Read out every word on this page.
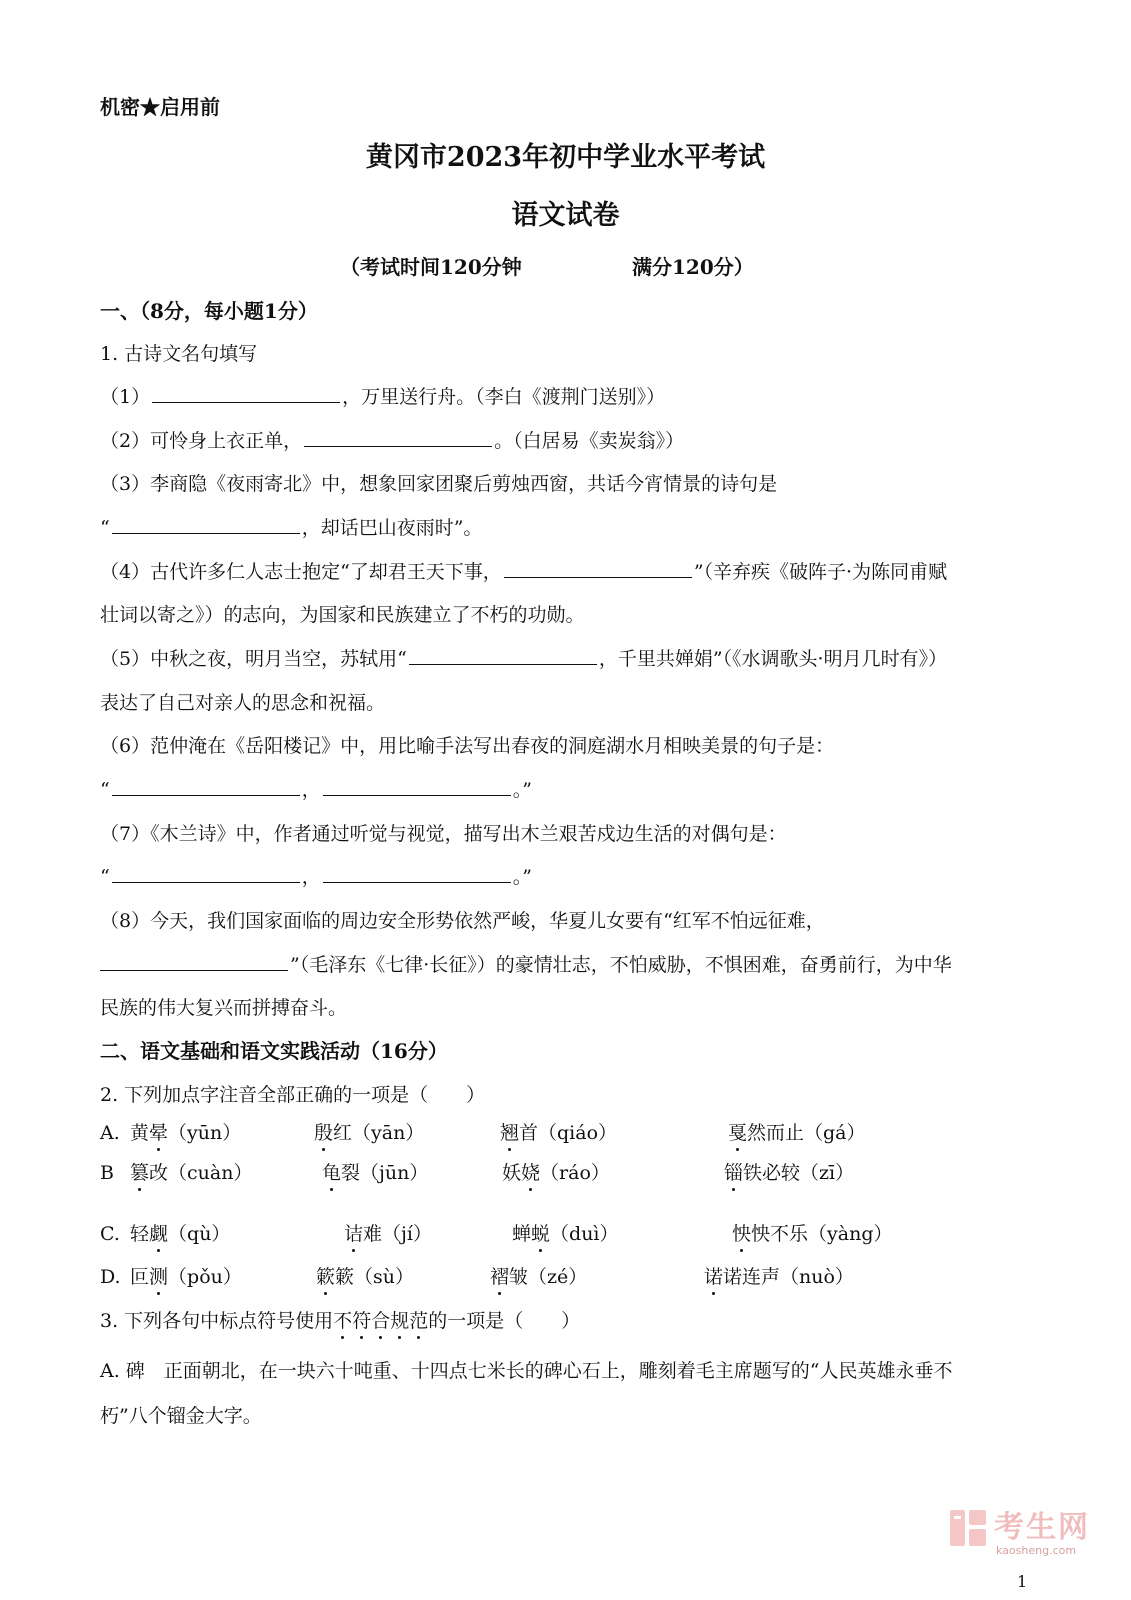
机密★启用前
黄冈市2023年初中学业水平考试
语文试卷
（考试时间120分钟	满分120分）
一、（8分，每小题1分）
1. 古诗文名句填写
（1）	，万里送行舟。（李白《渡荆门送别》）
（2）可怜身上衣正单，	。（白居易《卖炭翁》）
（3）李商隐《夜雨寄北》中，想象回家团聚后剪烛西窗，共话今宵情景的诗句是
“	，却话巴山夜雨时”。
（4）古代许多仁人志士抱定“了却君王天下事，	”（辛弃疾《破阵子·为陈同甫赋
壮词以寄之》）的志向，为国家和民族建立了不朽的功勋。
（5）中秋之夜，明月当空，苏轼用“	，千里共婵娟”（《水调歌头·明月几时有》）
表达了自己对亲人的思念和祝福。
（6）范仲淹在《岳阳楼记》中，用比喻手法写出春夜的洞庭湖水月相映美景的句子是：
“	，	。”
（7）《木兰诗》中，作者通过听觉与视觉，描写出木兰艰苦戍边生活的对偶句是：
“	，	。”
（8）今天，我们国家面临的周边安全形势依然严峻，华夏儿女要有“红军不怕远征难，
”（毛泽东《七律·长征》）的豪情壮志，不怕威胁，不惧困难，奋勇前行，为中华
民族的伟大复兴而拼搏奋斗。
二、语文基础和语文实践活动（16分）
2. 下列加点字注音全部正确的一项是（　　）
A. 黄晕（yūn）	殷红（yān）	翘首（qiáo）	戛然而止（gá）
B 篡改（cuàn）	龟裂（jūn）	妖娆（ráo）	锱铁必较（zī）
C. 轻觑（qù）	诘难（jí）	蝉蜕（duì）	怏怏不乐（yàng）
D. 叵测（pǒu）	簌簌（sù）	褶皱（zé）	诺诺连声（nuò）
3. 下列各句中标点符号使用不符合规范的一项是（　　）
A. 碑　正面朝北，在一块六十吨重、十四点七米长的碑心石上，雕刻着毛主席题写的“人民英雄永垂不
朽”八个镏金大字。
考生网
kaosheng.com
1
